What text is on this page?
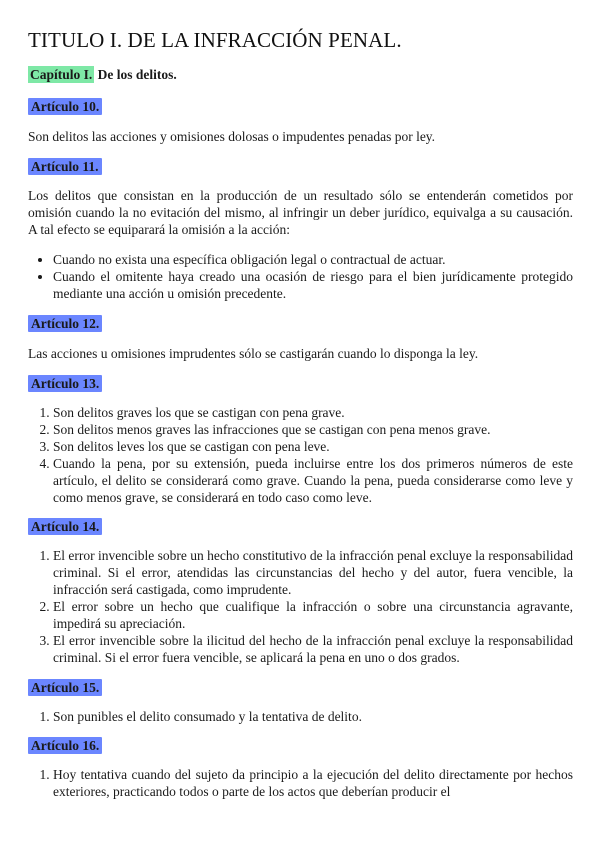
TITULO I. DE LA INFRACCIÓN PENAL.
Capítulo I. De los delitos.
Artículo 10.

Son delitos las acciones y omisiones dolosas o impudentes penadas por ley.

Artículo 11.

Los delitos que consistan en la producción de un resultado sólo se entenderán cometidos por omisión cuando la no evitación del mismo, al infringir un deber jurídico, equivalga a su causación. A tal efecto se equiparará la omisión a la acción:

• Cuando no exista una específica obligación legal o contractual de actuar.
• Cuando el omitente haya creado una ocasión de riesgo para el bien jurídicamente protegido mediante una acción u omisión precedente.
Artículo 12.

Las acciones u omisiones imprudentes sólo se castigarán cuando lo disponga la ley.

Artículo 13.
1. Son delitos graves los que se castigan con pena grave.
2. Son delitos menos graves las infracciones que se castigan con pena menos grave.
3. Son delitos leves los que se castigan con pena leve.
4. Cuando la pena, por su extensión, pueda incluirse entre los dos primeros números de este artículo, el delito se considerará como grave. Cuando la pena, pueda considerarse como leve y como menos grave, se considerará en todo caso como leve.
Artículo 14.
1. El error invencible sobre un hecho constitutivo de la infracción penal excluye la responsabilidad criminal. Si el error, atendidas las circunstancias del hecho y del autor, fuera vencible, la infracción será castigada, como imprudente.
2. El error sobre un hecho que cualifique la infracción o sobre una circunstancia agravante, impedirá su apreciación.
3. El error invencible sobre la ilicitud del hecho de la infracción penal excluye la responsabilidad criminal. Si el error fuera vencible, se aplicará la pena en uno o dos grados.
Artículo 15.
1. Son punibles el delito consumado y la tentativa de delito.
Artículo 16.
1. Hoy tentativa cuando del sujeto da principio a la ejecución del delito directamente por hechos exteriores, practicando todos o parte de los actos que deberían producir el
